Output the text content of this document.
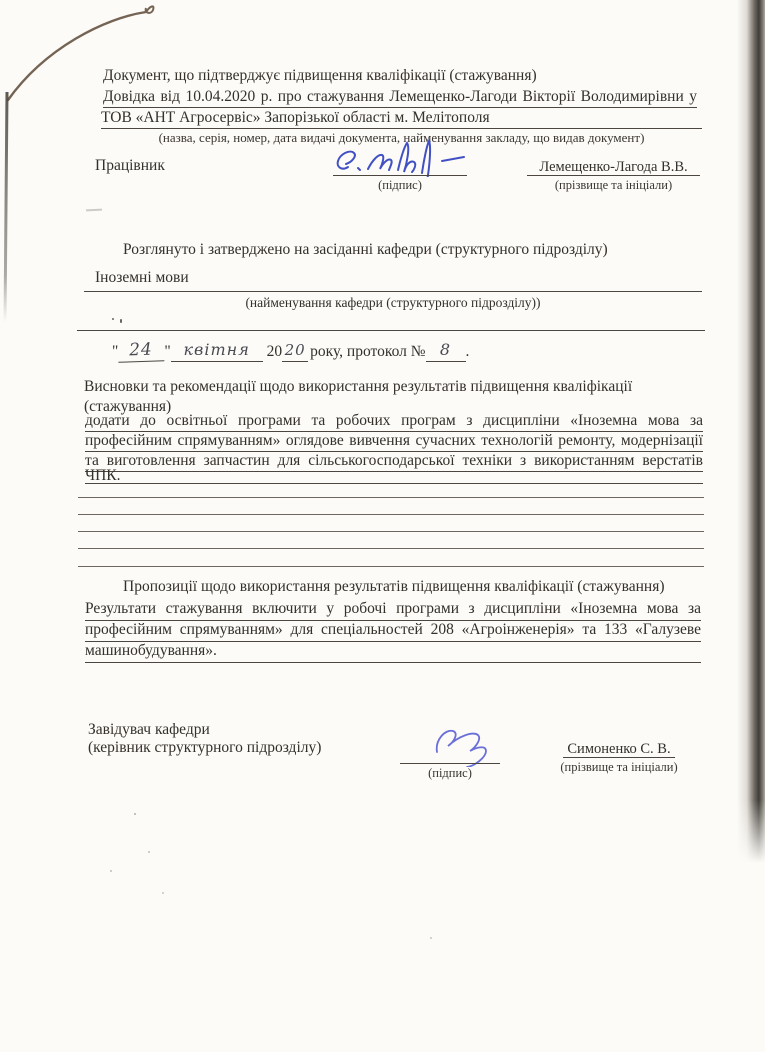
Документ, що підтверджує підвищення кваліфікації (стажування)
Довідка від 10.04.2020 р. про стажування Лемещенко-Лагоди Вікторії Володимирівни у
ТОВ «АНТ Агросервіс» Запорізької області м. Мелітополя
(назва, серія, номер, дата видачі документа, найменування закладу, що видав документ)
Працівник
(підпис)
Лемещенко-Лагода В.В.
(прізвище та ініціали)
Розглянуто і затверджено на засіданні кафедри (структурного підрозділу)
Іноземні мови
(найменування кафедри (структурного підрозділу))
" 24 " квітня	20 20 року, протокол № 8 .
Висновки та рекомендації щодо використання результатів підвищення кваліфікації
(стажування)
додати до освітньої програми та робочих програм з дисципліни «Іноземна мова за
професійним спрямуванням» оглядове вивчення сучасних технологій ремонту, модернізації
та виготовлення запчастин для сільськогосподарської техніки з використанням верстатів
ЧПК.
Пропозиції щодо використання результатів підвищення кваліфікації (стажування)
Результати стажування включити у робочі програми з дисципліни «Іноземна мова за
професійним спрямуванням» для спеціальностей 208 «Агроінженерія» та 133 «Галузеве
машинобудування».
Завідувач кафедри
(керівник структурного підрозділу)
(підпис)
Симоненко С. В.
(прізвище та ініціали)
